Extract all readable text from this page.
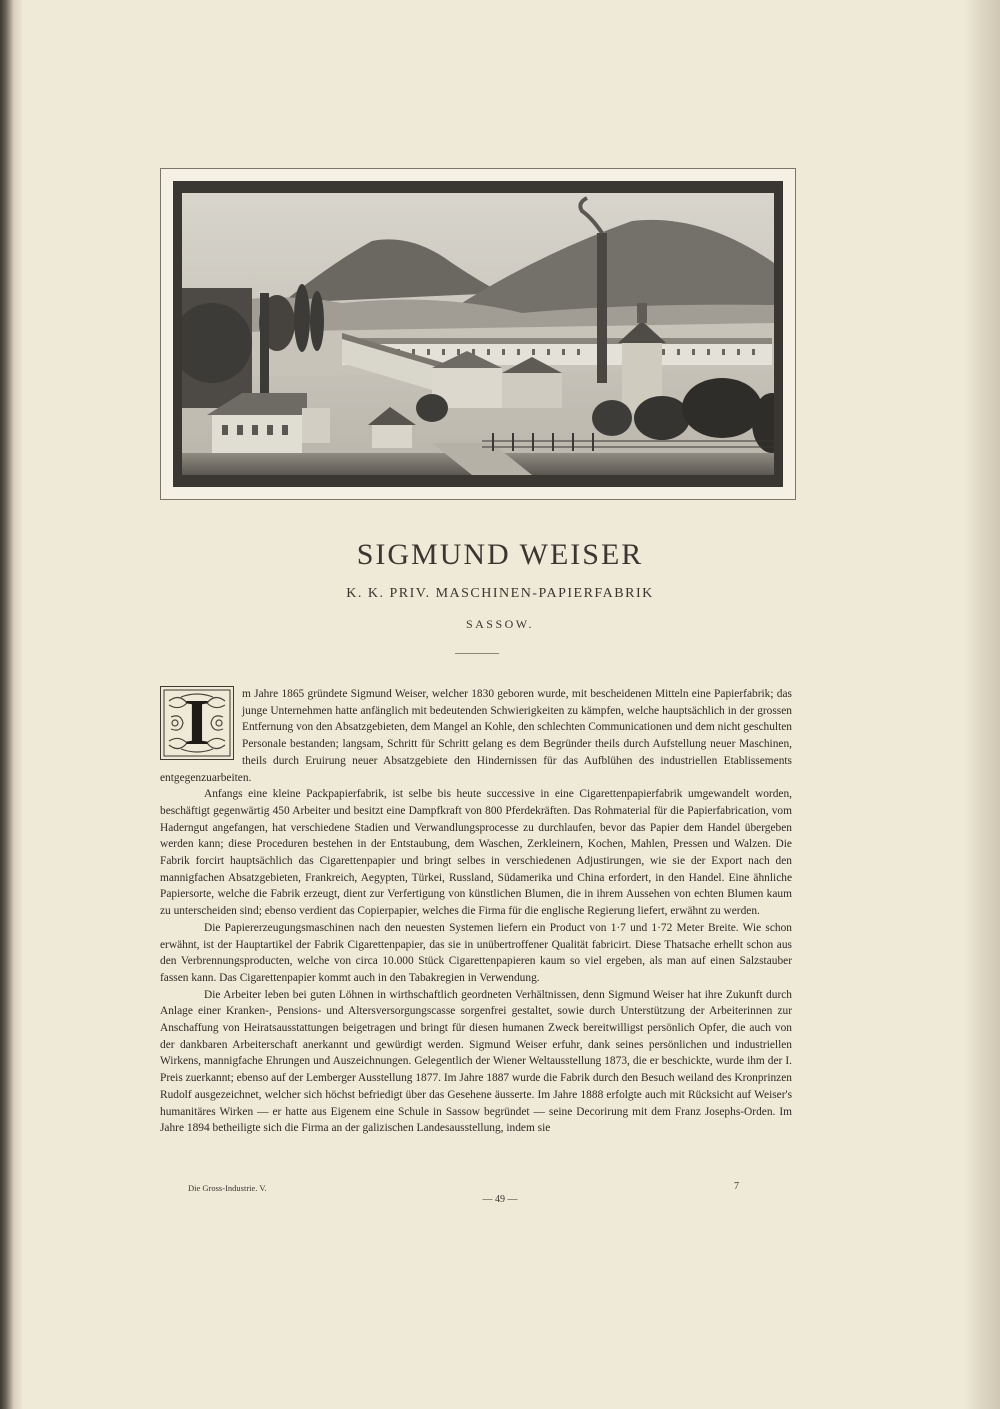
SIGMUND WEISER
K. K. PRIV. MASCHINEN-PAPIERFABRIK
SASSOW.
I	m Jahre 1865 gründete Sigmund Weiser, welcher 1830 geboren wurde, mit bescheidenen Mitteln eine Papierfabrik; das junge Unternehmen hatte anfänglich mit bedeutenden Schwierigkeiten zu kämpfen, welche hauptsächlich in der grossen Entfernung von den Absatzgebieten, dem Mangel an Kohle, den schlechten Communicationen und dem nicht geschulten Personale bestanden; langsam, Schritt für Schritt gelang es dem Begründer theils durch Aufstellung neuer Maschinen, theils durch Eruirung neuer Absatzgebiete den Hindernissen für das Aufblühen des industriellen Etablissements entgegenzuarbeiten.

Anfangs eine kleine Packpapierfabrik, ist selbe bis heute successive in eine Cigarettenpapierfabrik umgewandelt worden, beschäftigt gegenwärtig 450 Arbeiter und besitzt eine Dampfkraft von 800 Pferdekräften. Das Rohmaterial für die Papierfabrication, vom Haderngut angefangen, hat verschiedene Stadien und Verwandlungsprocesse zu durchlaufen, bevor das Papier dem Handel übergeben werden kann; diese Proceduren bestehen in der Entstaubung, dem Waschen, Zerkleinern, Kochen, Mahlen, Pressen und Walzen. Die Fabrik forcirt hauptsächlich das Cigarettenpapier und bringt selbes in verschiedenen Adjustirungen, wie sie der Export nach den mannigfachen Absatzgebieten, Frankreich, Aegypten, Türkei, Russland, Südamerika und China erfordert, in den Handel. Eine ähnliche Papiersorte, welche die Fabrik erzeugt, dient zur Verfertigung von künstlichen Blumen, die in ihrem Aussehen von echten Blumen kaum zu unterscheiden sind; ebenso verdient das Copierpapier, welches die Firma für die englische Regierung liefert, erwähnt zu werden.

Die Papiererzeugungsmaschinen nach den neuesten Systemen liefern ein Product von 1·7 und 1·72 Meter Breite. Wie schon erwähnt, ist der Hauptartikel der Fabrik Cigarettenpapier, das sie in unübertroffener Qualität fabricirt. Diese Thatsache erhellt schon aus den Verbrennungsproducten, welche von circa 10.000 Stück Cigarettenpapieren kaum so viel ergeben, als man auf einen Salzstauber fassen kann. Das Cigarettenpapier kommt auch in den Tabakregien in Verwendung.

Die Arbeiter leben bei guten Löhnen in wirthschaftlich geordneten Verhältnissen, denn Sigmund Weiser hat ihre Zukunft durch Anlage einer Kranken-, Pensions- und Altersversorgungscasse sorgenfrei gestaltet, sowie durch Unterstützung der Arbeiterinnen zur Anschaffung von Heiratsausstattungen beigetragen und bringt für diesen humanen Zweck bereitwilligst persönlich Opfer, die auch von der dankbaren Arbeiterschaft anerkannt und gewürdigt werden. Sigmund Weiser erfuhr, dank seines persönlichen und industriellen Wirkens, mannigfache Ehrungen und Auszeichnungen. Gelegentlich der Wiener Weltausstellung 1873, die er beschickte, wurde ihm der I. Preis zuerkannt; ebenso auf der Lemberger Ausstellung 1877. Im Jahre 1887 wurde die Fabrik durch den Besuch weiland des Kronprinzen Rudolf ausgezeichnet, welcher sich höchst befriedigt über das Gesehene äusserte. Im Jahre 1888 erfolgte auch mit Rücksicht auf Weiser's humanitäres Wirken — er hatte aus Eigenem eine Schule in Sassow begründet — seine Decorirung mit dem Franz Josephs-Orden. Im Jahre 1894 betheiligte sich die Firma an der galizischen Landesausstellung, indem sie

Die Gross-Industrie. V.	7
— 49 —
